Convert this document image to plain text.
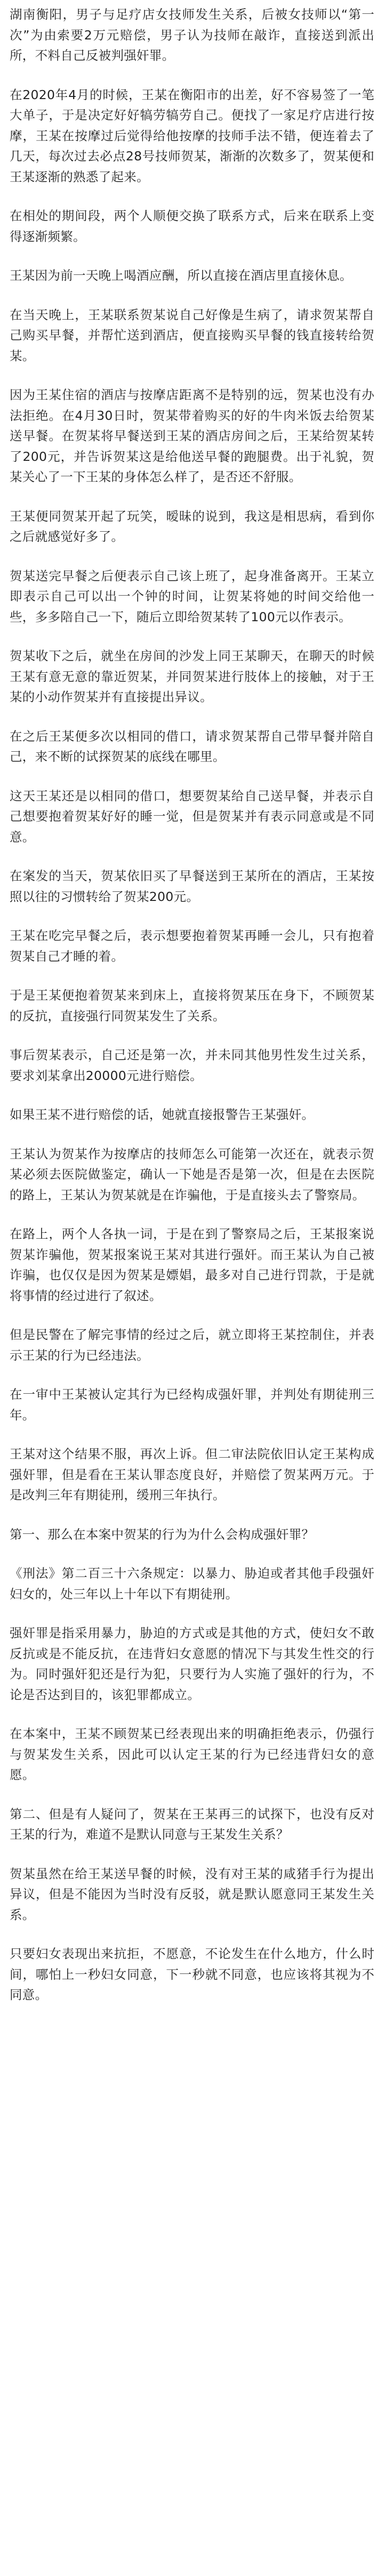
湖南衡阳，男子与足疗店女技师发生关系，后被女技师以“第一次”为由索要2万元赔偿，男子认为技师在敲诈，直接送到派出所，不料自己反被判强奸罪。

在2020年4月的时候，王某在衡阳市的出差，好不容易签了一笔大单子，于是决定好好犒劳犒劳自己。便找了一家足疗店进行按摩，王某在按摩过后觉得给他按摩的技师手法不错，便连着去了几天，每次过去必点28号技师贺某，渐渐的次数多了，贺某便和王某逐渐的熟悉了起来。

在相处的期间段，两个人顺便交换了联系方式，后来在联系上变得逐渐频繁。

王某因为前一天晚上喝酒应酬，所以直接在酒店里直接休息。

在当天晚上，王某联系贺某说自己好像是生病了，请求贺某帮自己购买早餐，并帮忙送到酒店，便直接购买早餐的钱直接转给贺某。

因为王某住宿的酒店与按摩店距离不是特别的远，贺某也没有办法拒绝。在4月30日时，贺某带着购买的好的牛肉米饭去给贺某送早餐。在贺某将早餐送到王某的酒店房间之后，王某给贺某转了200元，并告诉贺某这是给他送早餐的跑腿费。出于礼貌，贺某关心了一下王某的身体怎么样了，是否还不舒服。

王某便同贺某开起了玩笑，暧昧的说到，我这是相思病，看到你之后就感觉好多了。

贺某送完早餐之后便表示自己该上班了，起身准备离开。王某立即表示自己可以出一个钟的时间，让贺某将她的时间交给他一些，多多陪自己一下，随后立即给贺某转了100元以作表示。

贺某收下之后，就坐在房间的沙发上同王某聊天，在聊天的时候王某有意无意的靠近贺某，并同贺某进行肢体上的接触，对于王某的小动作贺某并有直接提出异议。

在之后王某便多次以相同的借口，请求贺某帮自己带早餐并陪自己，来不断的试探贺某的底线在哪里。

这天王某还是以相同的借口，想要贺某给自己送早餐，并表示自己想要抱着贺某好好的睡一觉，但是贺某并有表示同意或是不同意。

在案发的当天，贺某依旧买了早餐送到王某所在的酒店，王某按照以往的习惯转给了贺某200元。

王某在吃完早餐之后，表示想要抱着贺某再睡一会儿，只有抱着贺某自己才睡的着。

于是王某便抱着贺某来到床上，直接将贺某压在身下，不顾贺某的反抗，直接强行同贺某发生了关系。

事后贺某表示，自己还是第一次，并未同其他男性发生过关系，要求刘某拿出20000元进行赔偿。

如果王某不进行赔偿的话，她就直接报警告王某强奸。

王某认为贺某作为按摩店的技师怎么可能第一次还在，就表示贺某必须去医院做鉴定，确认一下她是否是第一次，但是在去医院的路上，王某认为贺某就是在诈骗他，于是直接头去了警察局。

在路上，两个人各执一词，于是在到了警察局之后，王某报案说贺某诈骗他，贺某报案说王某对其进行强奸。而王某认为自己被诈骗，也仅仅是因为贺某是嫖娼，最多对自己进行罚款，于是就将事情的经过进行了叙述。

但是民警在了解完事情的经过之后，就立即将王某控制住，并表示王某的行为已经违法。

在一审中王某被认定其行为已经构成强奸罪，并判处有期徒刑三年。

王某对这个结果不服，再次上诉。但二审法院依旧认定王某构成强奸罪，但是看在王某认罪态度良好，并赔偿了贺某两万元。于是改判三年有期徒刑，缓刑三年执行。

第一、那么在本案中贺某的行为为什么会构成强奸罪？

《刑法》第二百三十六条规定：以暴力、胁迫或者其他手段强奸妇女的，处三年以上十年以下有期徒刑。

强奸罪是指采用暴力，胁迫的方式或是其他的方式，使妇女不敢反抗或是不能反抗，在违背妇女意愿的情况下与其发生性交的行为。同时强奸犯还是行为犯，只要行为人实施了强奸的行为，不论是否达到目的，该犯罪都成立。

在本案中，王某不顾贺某已经表现出来的明确拒绝表示，仍强行与贺某发生关系，因此可以认定王某的行为已经违背妇女的意愿。

第二、但是有人疑问了，贺某在王某再三的试探下，也没有反对王某的行为，难道不是默认同意与王某发生关系？

贺某虽然在给王某送早餐的时候，没有对王某的咸猪手行为提出异议，但是不能因为当时没有反驳，就是默认愿意同王某发生关系。

只要妇女表现出来抗拒，不愿意，不论发生在什么地方，什么时间，哪怕上一秒妇女同意，下一秒就不同意，也应该将其视为不同意。
